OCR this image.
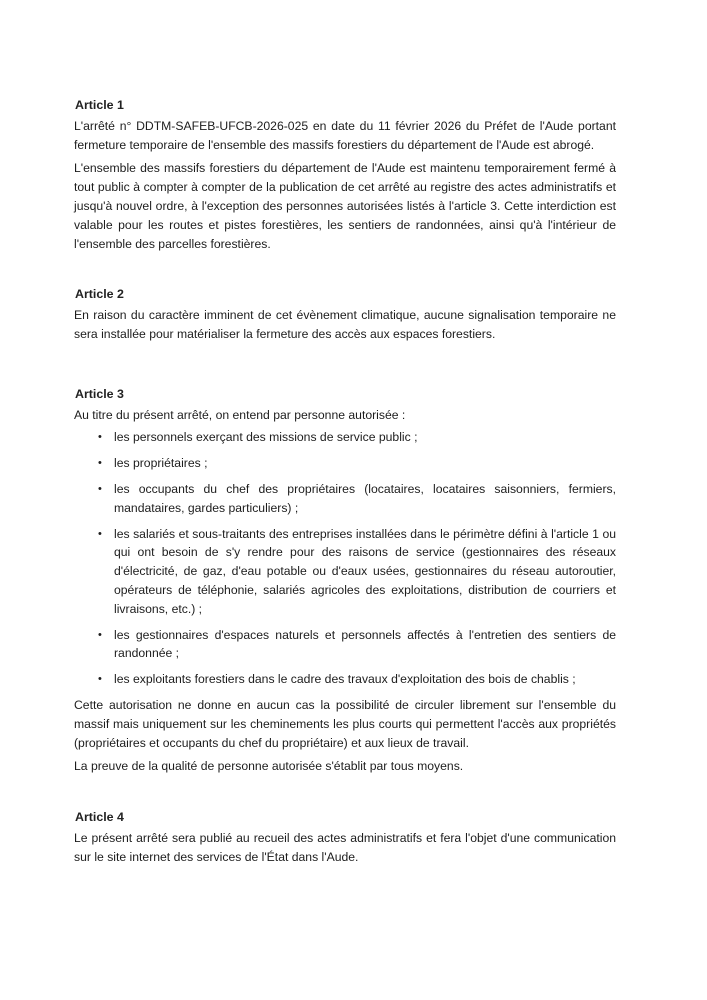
Article 1

L'arrêté n° DDTM-SAFEB-UFCB-2026-025 en date du 11 février 2026 du Préfet de l'Aude portant fermeture temporaire de l'ensemble des massifs forestiers du département de l'Aude est abrogé.

L'ensemble des massifs forestiers du département de l'Aude est maintenu temporairement fermé à tout public à compter à compter de la publication de cet arrêté au registre des actes administratifs et jusqu'à nouvel ordre, à l'exception des personnes autorisées listés à l'article 3. Cette interdiction est valable pour les routes et pistes forestières, les sentiers de randonnées, ainsi qu'à l'intérieur de l'ensemble des parcelles forestières.

Article 2

En raison du caractère imminent de cet évènement climatique, aucune signalisation temporaire ne sera installée pour matérialiser la fermeture des accès aux espaces forestiers.

Article 3

Au titre du présent arrêté, on entend par personne autorisée :

• les personnels exerçant des missions de service public ;
• les propriétaires ;
• les occupants du chef des propriétaires (locataires, locataires saisonniers, fermiers, mandataires, gardes particuliers) ;
• les salariés et sous-traitants des entreprises installées dans le périmètre défini à l'article 1 ou qui ont besoin de s'y rendre pour des raisons de service (gestionnaires des réseaux d'électricité, de gaz, d'eau potable ou d'eaux usées, gestionnaires du réseau autoroutier, opérateurs de téléphonie, salariés agricoles des exploitations, distribution de courriers et livraisons, etc.) ;
• les gestionnaires d'espaces naturels et personnels affectés à l'entretien des sentiers de randonnée ;
• les exploitants forestiers dans le cadre des travaux d'exploitation des bois de chablis ;

Cette autorisation ne donne en aucun cas la possibilité de circuler librement sur l'ensemble du massif mais uniquement sur les cheminements les plus courts qui permettent l'accès aux propriétés (propriétaires et occupants du chef du propriétaire) et aux lieux de travail.

La preuve de la qualité de personne autorisée s'établit par tous moyens.

Article 4

Le présent arrêté sera publié au recueil des actes administratifs et fera l'objet d'une communication sur le site internet des services de l'État dans l'Aude.
